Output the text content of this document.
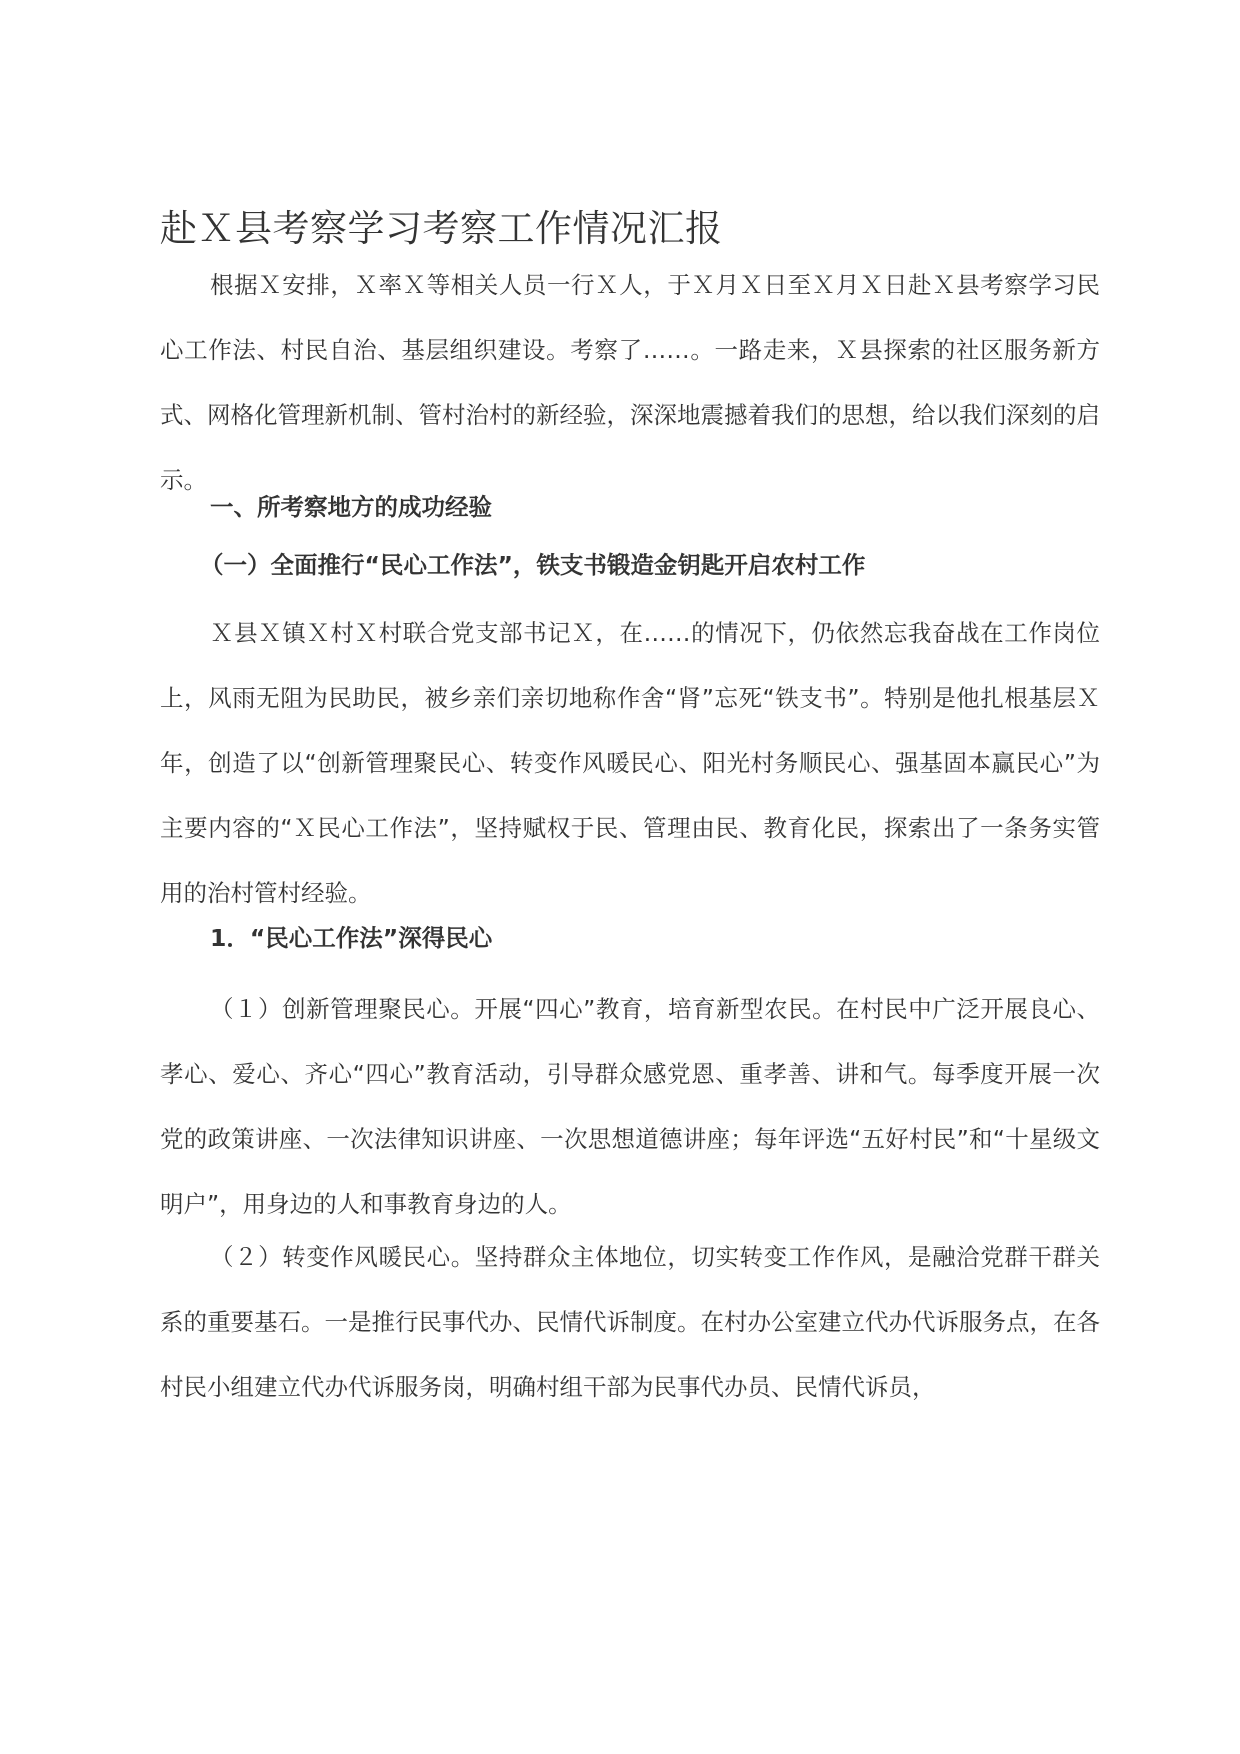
赴Ｘ县考察学习考察工作情况汇报

根据Ｘ安排，Ｘ率Ｘ等相关人员一行Ｘ人，于Ｘ月Ｘ日至Ｘ月Ｘ日赴Ｘ县考察学习民心工作法、村民自治、基层组织建设。考察了……。一路走来，Ｘ县探索的社区服务新方式、网格化管理新机制、管村治村的新经验，深深地震撼着我们的思想，给以我们深刻的启示。

一、所考察地方的成功经验
（一）全面推行“民心工作法”，铁支书锻造金钥匙开启农村工作

Ｘ县Ｘ镇Ｘ村Ｘ村联合党支部书记Ｘ，在……的情况下，仍依然忘我奋战在工作岗位上，风雨无阻为民助民，被乡亲们亲切地称作舍“肾”忘死“铁支书”。特别是他扎根基层Ｘ年，创造了以“创新管理聚民心、转变作风暖民心、阳光村务顺民心、强基固本赢民心”为主要内容的“Ｘ民心工作法”，坚持赋权于民、管理由民、教育化民，探索出了一条务实管用的治村管村经验。

1．“民心工作法”深得民心

（１）创新管理聚民心。开展“四心”教育，培育新型农民。在村民中广泛开展良心、孝心、爱心、齐心“四心”教育活动，引导群众感党恩、重孝善、讲和气。每季度开展一次党的政策讲座、一次法律知识讲座、一次思想道德讲座；每年评选“五好村民”和“十星级文明户”，用身边的人和事教育身边的人。

（２）转变作风暖民心。坚持群众主体地位，切实转变工作作风，是融洽党群干群关系的重要基石。一是推行民事代办、民情代诉制度。在村办公室建立代办代诉服务点，在各村民小组建立代办代诉服务岗，明确村组干部为民事代办员、民情代诉员，
